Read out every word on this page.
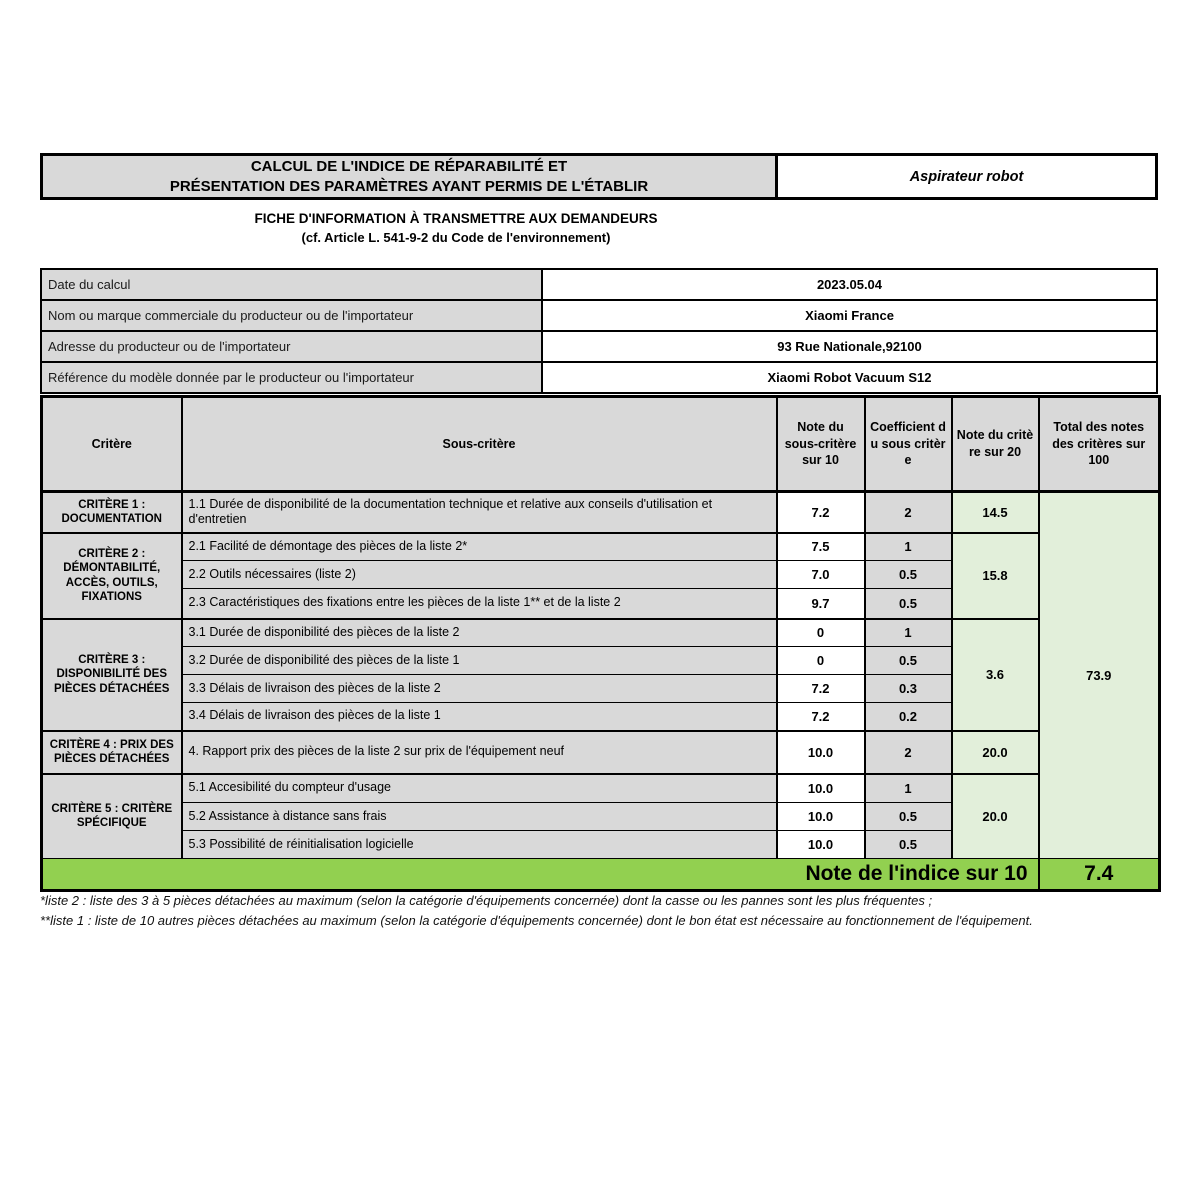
CALCUL DE L'INDICE DE RÉPARABILITÉ ET
PRÉSENTATION DES PARAMÈTRES AYANT PERMIS DE L'ÉTABLIR
Aspirateur robot
FICHE D'INFORMATION À TRANSMETTRE AUX DEMANDEURS
(cf. Article L. 541-9-2 du Code de l'environnement)
Date du calcul	2023.05.04
Nom ou marque commerciale du producteur ou de l'importateur	Xiaomi France
Adresse du producteur ou de l'importateur	93 Rue Nationale,92100
Référence du modèle donnée par le producteur ou l'importateur	Xiaomi Robot Vacuum S12
Critère	Sous-critère	Note du sous-critère sur 10	Coefficient du sous critère	Note du critère sur 20	Total des notes des critères sur 100
CRITÈRE 1 : DOCUMENTATION	1.1 Durée de disponibilité de la documentation technique et relative aux conseils d'utilisation et d'entretien	7.2	2	14.5	73.9
CRITÈRE 2 : DÉMONTABILITÉ, ACCÈS, OUTILS, FIXATIONS	2.1 Facilité de démontage des pièces de la liste 2*	7.5	1	15.8	
	2.2 Outils nécessaires (liste 2)	7.0	0.5		
	2.3 Caractéristiques des fixations entre les pièces de la liste 1** et de la liste 2	9.7	0.5		
CRITÈRE 3 : DISPONIBILITÉ DES PIÈCES DÉTACHÉES	3.1 Durée de disponibilité des pièces de la liste 2	0	1	3.6	
	3.2 Durée de disponibilité des pièces de la liste 1	0	0.5		
	3.3 Délais de livraison des pièces de la liste 2	7.2	0.3		
	3.4 Délais de livraison des pièces de la liste 1	7.2	0.2		
CRITÈRE 4 : PRIX DES PIÈCES DÉTACHÉES	4. Rapport prix des pièces de la liste 2 sur prix de l'équipement neuf	10.0	2	20.0	
CRITÈRE 5 : CRITÈRE SPÉCIFIQUE	5.1 Accesibilité du compteur d'usage	10.0	1	20.0	
	5.2 Assistance à distance sans frais	10.0	0.5		
	5.3 Possibilité de réinitialisation logicielle	10.0	0.5		
Note de l'indice sur 10					7.4
*liste 2 : liste des 3 à 5 pièces détachées au maximum (selon la catégorie d'équipements concernée) dont la casse ou les pannes sont les plus fréquentes ;
**liste 1 : liste de 10 autres pièces détachées au maximum (selon la catégorie d'équipements concernée) dont le bon état est nécessaire au fonctionnement de l'équipement.
